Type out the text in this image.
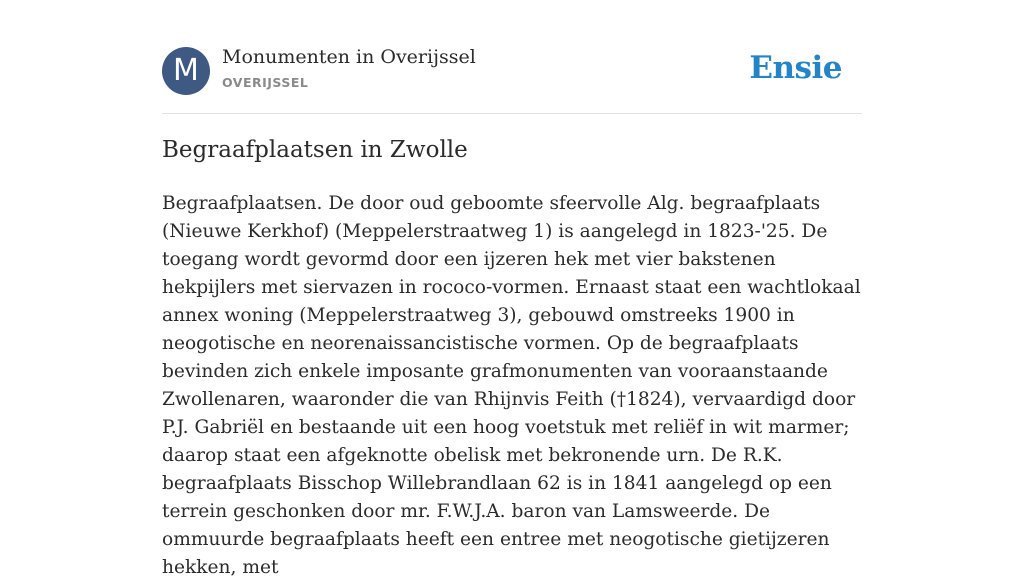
M	Monumenten in Overijssel
OVERIJSSEL	Ensie
Begraafplaatsen in Zwolle

Begraafplaatsen. De door oud geboomte sfeervolle Alg. begraafplaats (Nieuwe Kerkhof) (Meppelerstraatweg 1) is aangelegd in 1823-'25. De toegang wordt gevormd door een ijzeren hek met vier bakstenen hekpijlers met siervazen in rococo-vormen. Ernaast staat een wachtlokaal annex woning (Meppelerstraatweg 3), gebouwd omstreeks 1900 in neogotische en neorenaissancistische vormen. Op de begraafplaats bevinden zich enkele imposante grafmonumenten van vooraanstaande Zwollenaren, waaronder die van Rhijnvis Feith (†1824), vervaardigd door P.J. Gabriël en bestaande uit een hoog voetstuk met reliëf in wit marmer; daarop staat een afgeknotte obelisk met bekronende urn. De R.K. begraafplaats Bisschop Willebrandlaan 62 is in 1841 aangelegd op een terrein geschonken door mr. F.W.J.A. baron van Lamsweerde. De ommuurde begraafplaats heeft een entree met neogotische gietijzeren hekken, met
